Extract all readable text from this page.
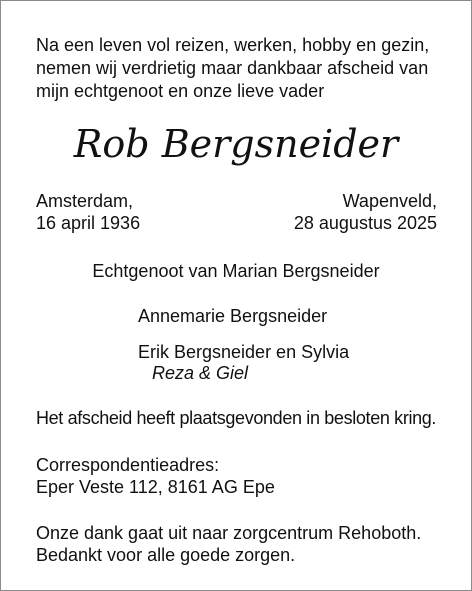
Na een leven vol reizen, werken, hobby en gezin,
nemen wij verdrietig maar dankbaar afscheid van
mijn echtgenoot en onze lieve vader
Rob Bergsneider
Amsterdam,
16 april 1936
Wapenveld,
28 augustus 2025
Echtgenoot van Marian Bergsneider
Annemarie Bergsneider
Erik Bergsneider en Sylvia
Reza & Giel
Het afscheid heeft plaatsgevonden in besloten kring.
Correspondentieadres:
Eper Veste 112, 8161 AG Epe
Onze dank gaat uit naar zorgcentrum Rehoboth.
Bedankt voor alle goede zorgen.
